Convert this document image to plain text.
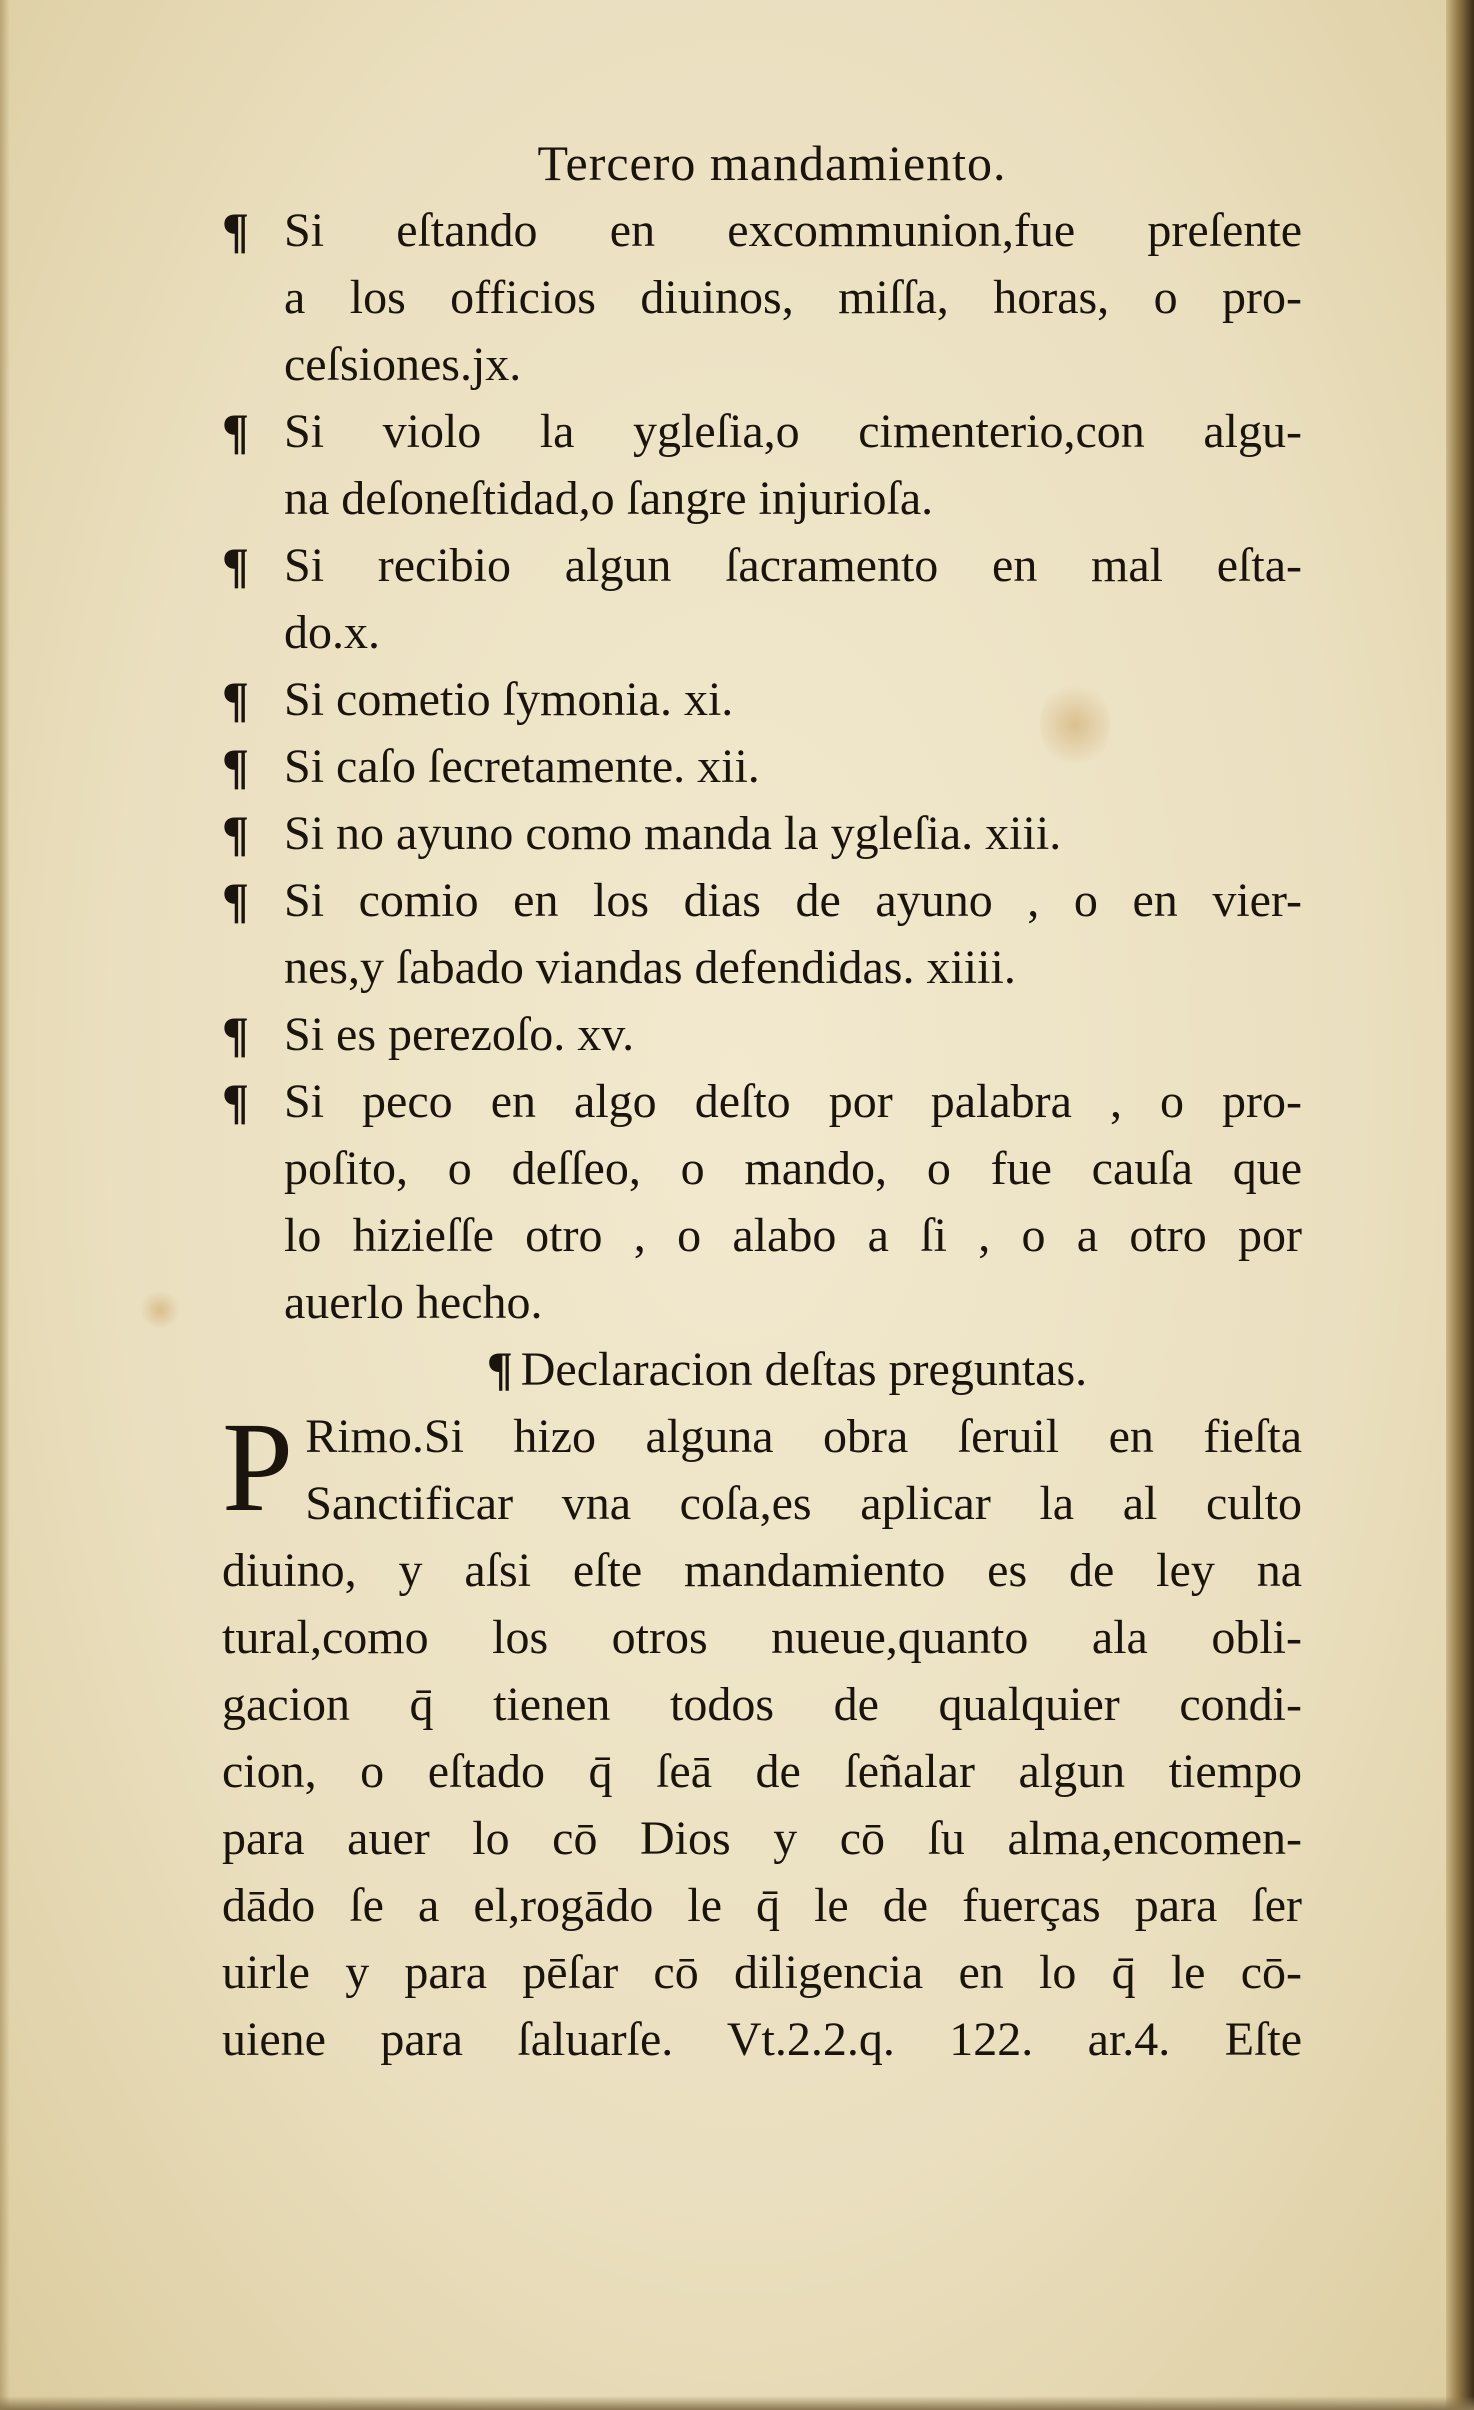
Tercero mandamiento.
¶ Si eſtando en excommunion,fue preſente
a los officios diuinos, miſſa, horas, o pro-
ceſsiones.jx.
¶ Si violo la ygleſia,o cimenterio,con algu-
na deſoneſtidad,o ſangre injurioſa.
¶ Si recibio algun ſacramento en mal eſta-
do.x.
¶ Si cometio ſymonia. xi.
¶ Si caſo ſecretamente. xii.
¶ Si no ayuno como manda la ygleſia. xiii.
¶ Si comio en los dias de ayuno , o en vier-
nes,y ſabado viandas defendidas. xiiii.
¶ Si es perezoſo. xv.
¶ Si peco en algo deſto por palabra , o pro-
poſito, o deſſeo, o mando, o fue cauſa que
lo hizieſſe otro , o alabo a ſi , o a otro por
auerlo hecho.
¶ Declaracion deſtas preguntas.
P Rimo.Si hizo alguna obra ſeruil en fieſta
Sanctificar vna coſa,es aplicar la al culto
diuino, y aſsi eſte mandamiento es de ley na
tural,como los otros nueue,quanto ala obli-
gacion q̄ tienen todos de qualquier condi-
cion, o eſtado q̄ ſeā de ſeñalar algun tiempo
para auer lo cō Dios y cō ſu alma,encomen-
dādo ſe a el,rogādo le q̄ le de fuerças para ſer
uirle y para pēſar cō diligencia en lo q̄ le cō-
uiene para ſaluarſe. Vt.2.2.q. 122. ar.4. Eſte
